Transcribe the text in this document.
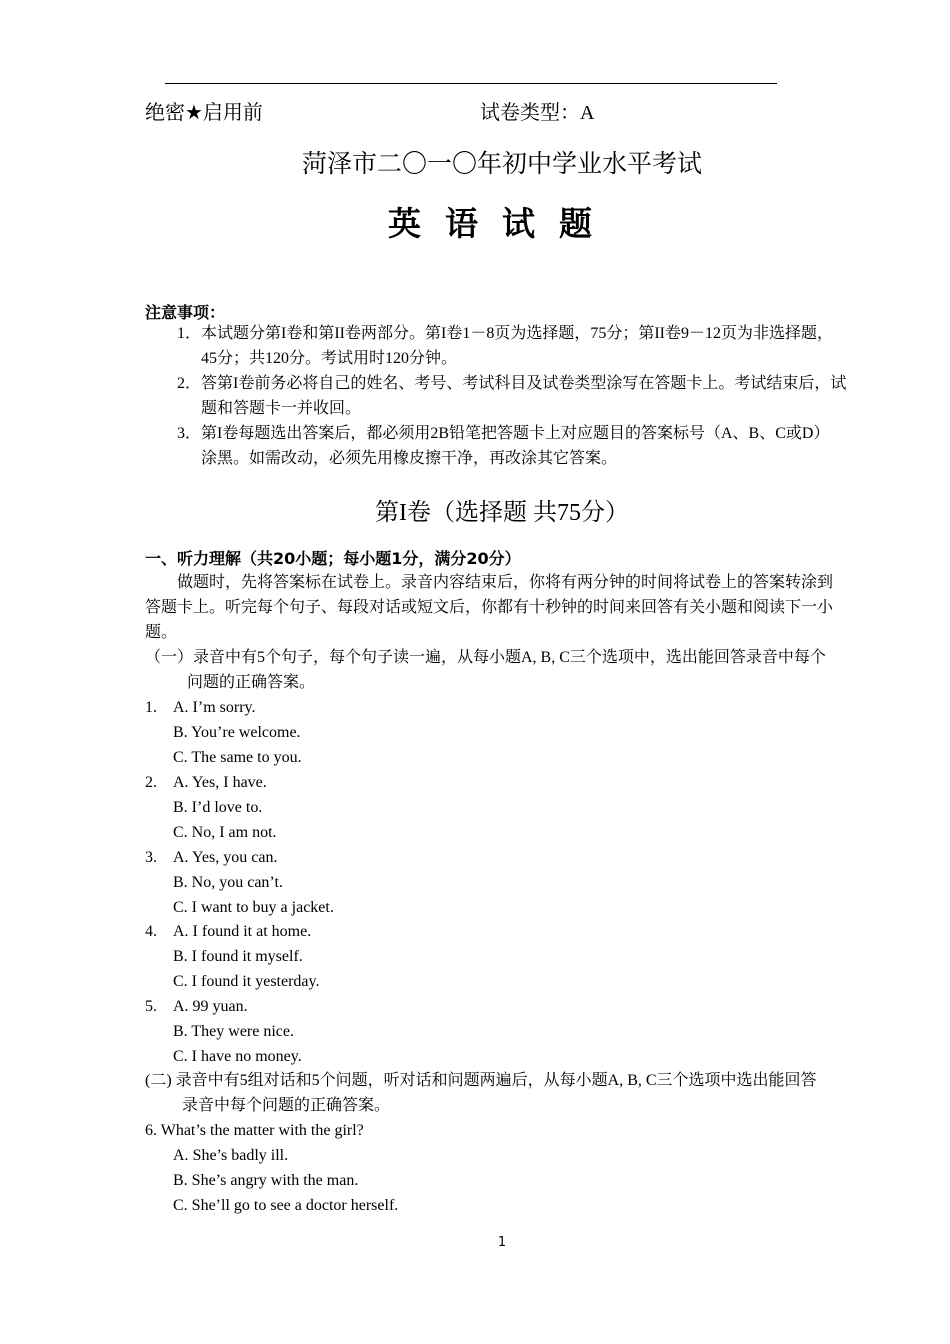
绝密★启用前	试卷类型：A
菏泽市二〇一〇年初中学业水平考试
英语试题
注意事项：
1．本试题分第I卷和第II卷两部分。第I卷1－8页为选择题，75分；第II卷9－12页为非选择题，
45分；共120分。考试用时120分钟。
2．答第I卷前务必将自己的姓名、考号、考试科目及试卷类型涂写在答题卡上。考试结束后，试
题和答题卡一并收回。
3．第I卷每题选出答案后，都必须用2B铅笔把答题卡上对应题目的答案标号（A、B、C或D）
涂黑。如需改动，必须先用橡皮擦干净，再改涂其它答案。
第I卷（选择题 共75分）
一、听力理解（共20小题；每小题1分，满分20分）
做题时，先将答案标在试卷上。录音内容结束后，你将有两分钟的时间将试卷上的答案转涂到
答题卡上。听完每个句子、每段对话或短文后，你都有十秒钟的时间来回答有关小题和阅读下一小
题。
（一）录音中有5个句子，每个句子读一遍，从每小题A, B, C三个选项中，选出能回答录音中每个
问题的正确答案。
1. A. I’m sorry.
B. You’re welcome.
C. The same to you.
2. A. Yes, I have.
B. I’d love to.
C. No, I am not.
3. A. Yes, you can.
B. No, you can’t.
C. I want to buy a jacket.
4. A. I found it at home.
B. I found it myself.
C. I found it yesterday.
5. A. 99 yuan.
B. They were nice.
C. I have no money.
(二) 录音中有5组对话和5个问题，听对话和问题两遍后，从每小题A, B, C三个选项中选出能回答
录音中每个问题的正确答案。
6. What’s the matter with the girl?
A. She’s badly ill.
B. She’s angry with the man.
C. She’ll go to see a doctor herself.
1
